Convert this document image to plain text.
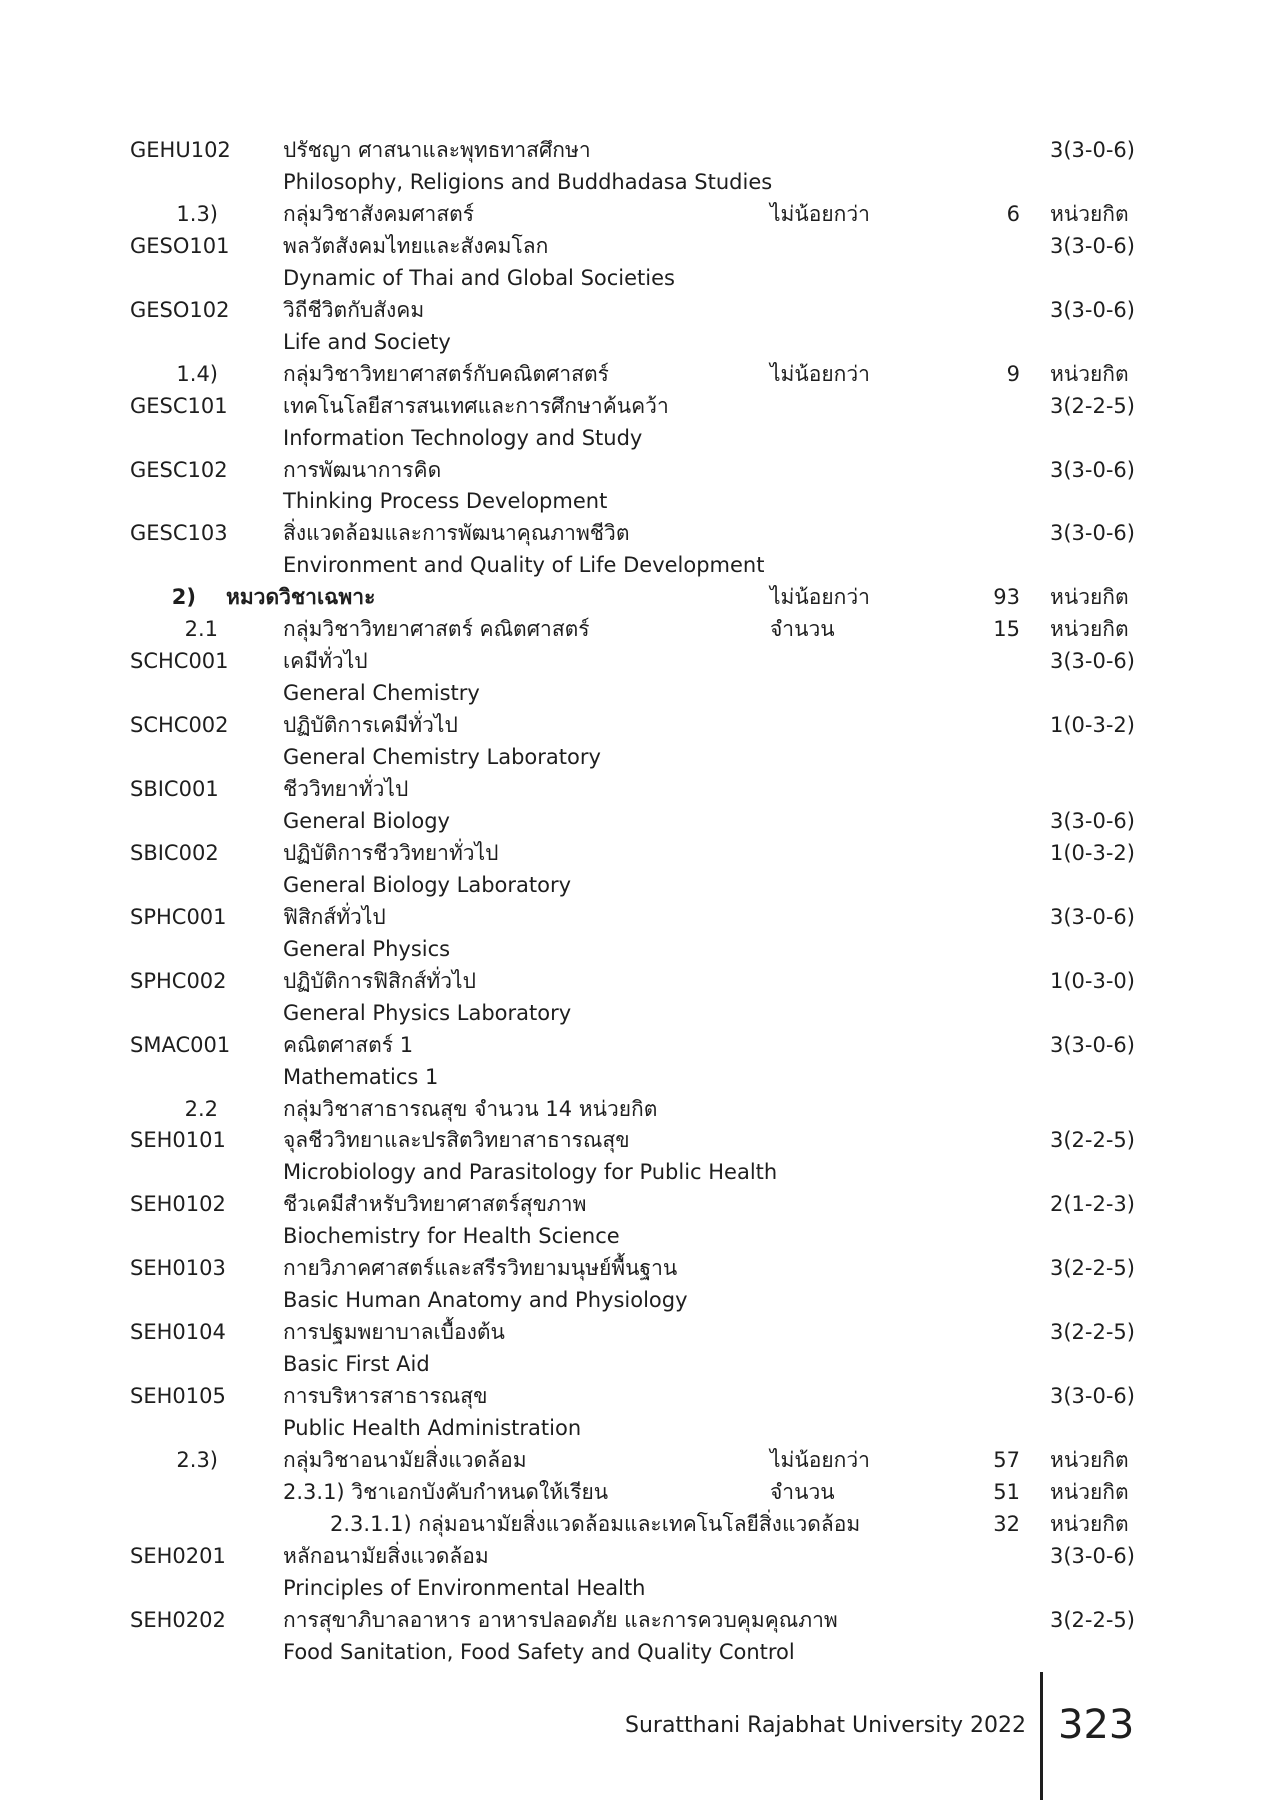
GEHU102 ปรัชญา ศาสนาและพุทธทาสศึกษา	3(3-0-6)
Philosophy, Religions and Buddhadasa Studies
1.3)	กลุ่มวิชาสังคมศาสตร์	ไม่น้อยกว่า	6 หน่วยกิต
GESO101	พลวัตสังคมไทยและสังคมโลก	3(3-0-6)
Dynamic of Thai and Global Societies
GESO102	วิถีชีวิตกับสังคม	3(3-0-6)
Life and Society
1.4)	กลุ่มวิชาวิทยาศาสตร์กับคณิตศาสตร์	ไม่น้อยกว่า	9 หน่วยกิต
GESC101	เทคโนโลยีสารสนเทศและการศึกษาค้นคว้า	3(2-2-5)
Information Technology and Study
GESC102	การพัฒนาการคิด	3(3-0-6)
Thinking Process Development
GESC103	สิ่งแวดล้อมและการพัฒนาคุณภาพชีวิต	3(3-0-6)
Environment and Quality of Life Development
2) หมวดวิชาเฉพาะ	ไม่น้อยกว่า	93 หน่วยกิต
2.1	กลุ่มวิชาวิทยาศาสตร์ คณิตศาสตร์	จำนวน	15 หน่วยกิต
SCHC001	เคมีทั่วไป	3(3-0-6)
General Chemistry
SCHC002	ปฏิบัติการเคมีทั่วไป	1(0-3-2)
General Chemistry Laboratory
SBIC001	ชีววิทยาทั่วไป
General Biology	3(3-0-6)
SBIC002	ปฏิบัติการชีววิทยาทั่วไป	1(0-3-2)
General Biology Laboratory
SPHC001	ฟิสิกส์ทั่วไป	3(3-0-6)
General Physics
SPHC002	ปฏิบัติการฟิสิกส์ทั่วไป	1(0-3-0)
General Physics Laboratory
SMAC001	คณิตศาสตร์ 1	3(3-0-6)
Mathematics 1
2.2	กลุ่มวิชาสาธารณสุข จำนวน 14 หน่วยกิต
SEH0101	จุลชีววิทยาและปรสิตวิทยาสาธารณสุข	3(2-2-5)
Microbiology and Parasitology for Public Health
SEH0102	ชีวเคมีสำหรับวิทยาศาสตร์สุขภาพ	2(1-2-3)
Biochemistry for Health Science
SEH0103	กายวิภาคศาสตร์และสรีรวิทยามนุษย์พื้นฐาน	3(2-2-5)
Basic Human Anatomy and Physiology
SEH0104	การปฐมพยาบาลเบื้องต้น	3(2-2-5)
Basic First Aid
SEH0105	การบริหารสาธารณสุข	3(3-0-6)
Public Health Administration
2.3)	กลุ่มวิชาอนามัยสิ่งแวดล้อม	ไม่น้อยกว่า	57 หน่วยกิต
2.3.1) วิชาเอกบังคับกำหนดให้เรียน	จำนวน	51 หน่วยกิต
2.3.1.1) กลุ่มอนามัยสิ่งแวดล้อมและเทคโนโลยีสิ่งแวดล้อม	32 หน่วยกิต
SEH0201	หลักอนามัยสิ่งแวดล้อม	3(3-0-6)
Principles of Environmental Health
SEH0202	การสุขาภิบาลอาหาร อาหารปลอดภัย และการควบคุมคุณภาพ	3(2-2-5)
Food Sanitation, Food Safety and Quality Control
Suratthani Rajabhat University 2022 323
